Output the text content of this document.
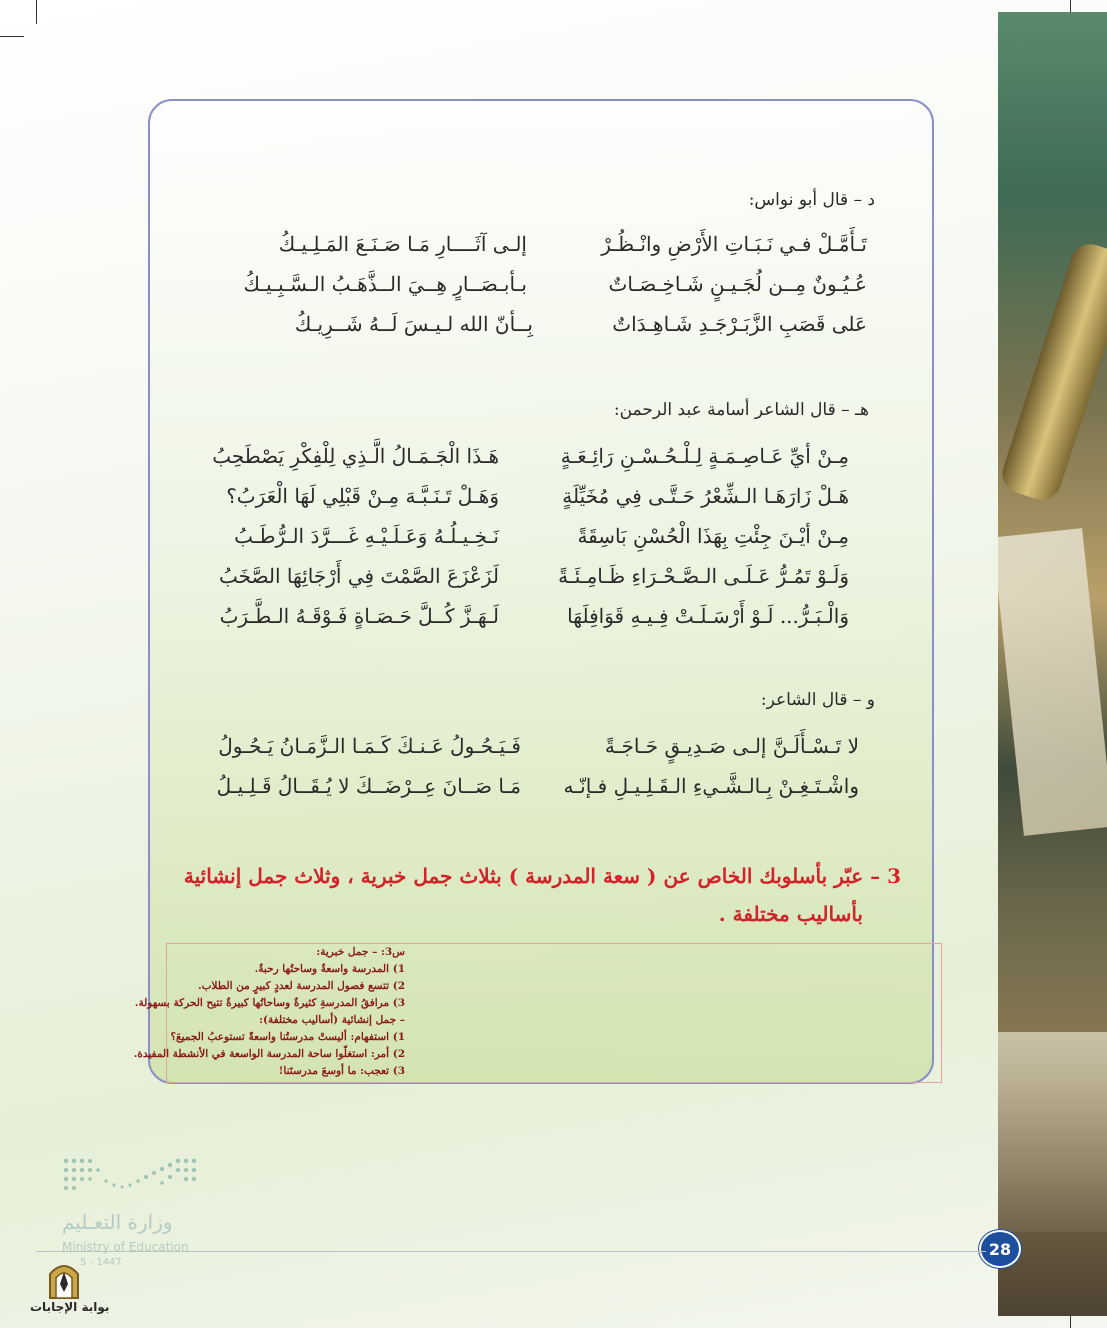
د – قال أبو نواس:
تَـأَمَّـلْ فـي نَـبَـاتِ الأَرْضِ وانْـظُـرْ
إلـى آثَــــارِ مَـا صَـنَـعَ المَـلِـيـكُ
عُـيُـونٌ مِــن لُجَـيـنٍ شَـاخِـصَـاتٌ
بـأبـصَــارٍ هِــيَ الــذَّهَـبُ الـسَّـبِـيـكُ
عَلى قَصَبِ الزَّبَـرْجَـدِ شَـاهِـدَاتٌ
بِــأنّ الله لـيـسَ لَــهُ شَــرِيـكُ
هـ – قال الشاعر أسامة عبد الرحمن:
مِـنْ أيِّ عَـاصِـمَـةٍ لِـلْـحُـسْـنِ رَائِـعَـةٍ
هَـذَا الْجَـمَـالُ الَّـذِي لِلْفِكْرِ يَصْطَحِبُ
هَـلْ زَارَهَـا الـشِّعْرُ حَـتَّـى فِي مُخَيِّلَةٍ
وَهَـلْ تَـنَـبَّـهَ مِـنْ قَبْلِي لَهَا الْعَرَبُ؟
مِـنْ أيْـنَ جِئْتِ بِهَذَا الْحُسْنِ بَاسِقَةً
نَـخِـيـلُـهُ وَعَـلَـيْـهِ غَـــرَّدَ الـرُّطَـبُ
وَلَـوْ تَمُـرُّ عَـلَـى الـصَّـحْـرَاءِ ظَـامِـئَـةً
لَزَعْزَعَ الصَّمْتَ فِي أَرْجَائِهَا الصَّخَبُ
وَالْـبَـرُّ... لَـوْ أَرْسَـلَـتْ فِـيـهِ قَوَافِلَهَا
لَـهَـزَّ كُــلَّ حَـصَـاةٍ فَـوْقَـهُ الـطَّـرَبُ
و – قال الشاعر:
لا تَـسْـأَلَـنَّ إلـى صَـدِيـقٍ حَـاجَـةً
فَـيَـحُـولُ عَـنـكَ كَـمَـا الـزَّمَـانُ يَـحُـولُ
واشْـتَـغِـنْ بِـالـشَّـيءِ الـقَـلِـيـلِ فـإنّـه
مَـا صَــانَ عِــرْضَــكَ لا يُـقَــالُ قَـلِـيـلُ
3 – عبّر بأسلوبك الخاص عن ( سعة المدرسة ) بثلاث جمل خبرية ، وثلاث جمل إنشائية
بأساليب مختلفة .
س3: – جمل خبرية:
1) المدرسة واسعةٌ وساحتُها رحبةٌ.
2) تتسع فصول المدرسة لعددٍ كبيرٍ من الطلاب.
3) مرافقُ المدرسةِ كثيرةٌ وساحاتُها كبيرةٌ تتيح الحركة بسهولة.
– جمل إنشائية (أساليب مختلفة):
1) استفهام: أليستْ مدرستُنا واسعةً تستوعبُ الجميعَ؟
2) أمر: استغلّوا ساحة المدرسة الواسعة في الأنشطة المفيدة.
3) تعجب: ما أوسعَ مدرستَنا!
28
وزارة التعـليم
Ministry of Education
5 - 1447
بوابة الإجابات
